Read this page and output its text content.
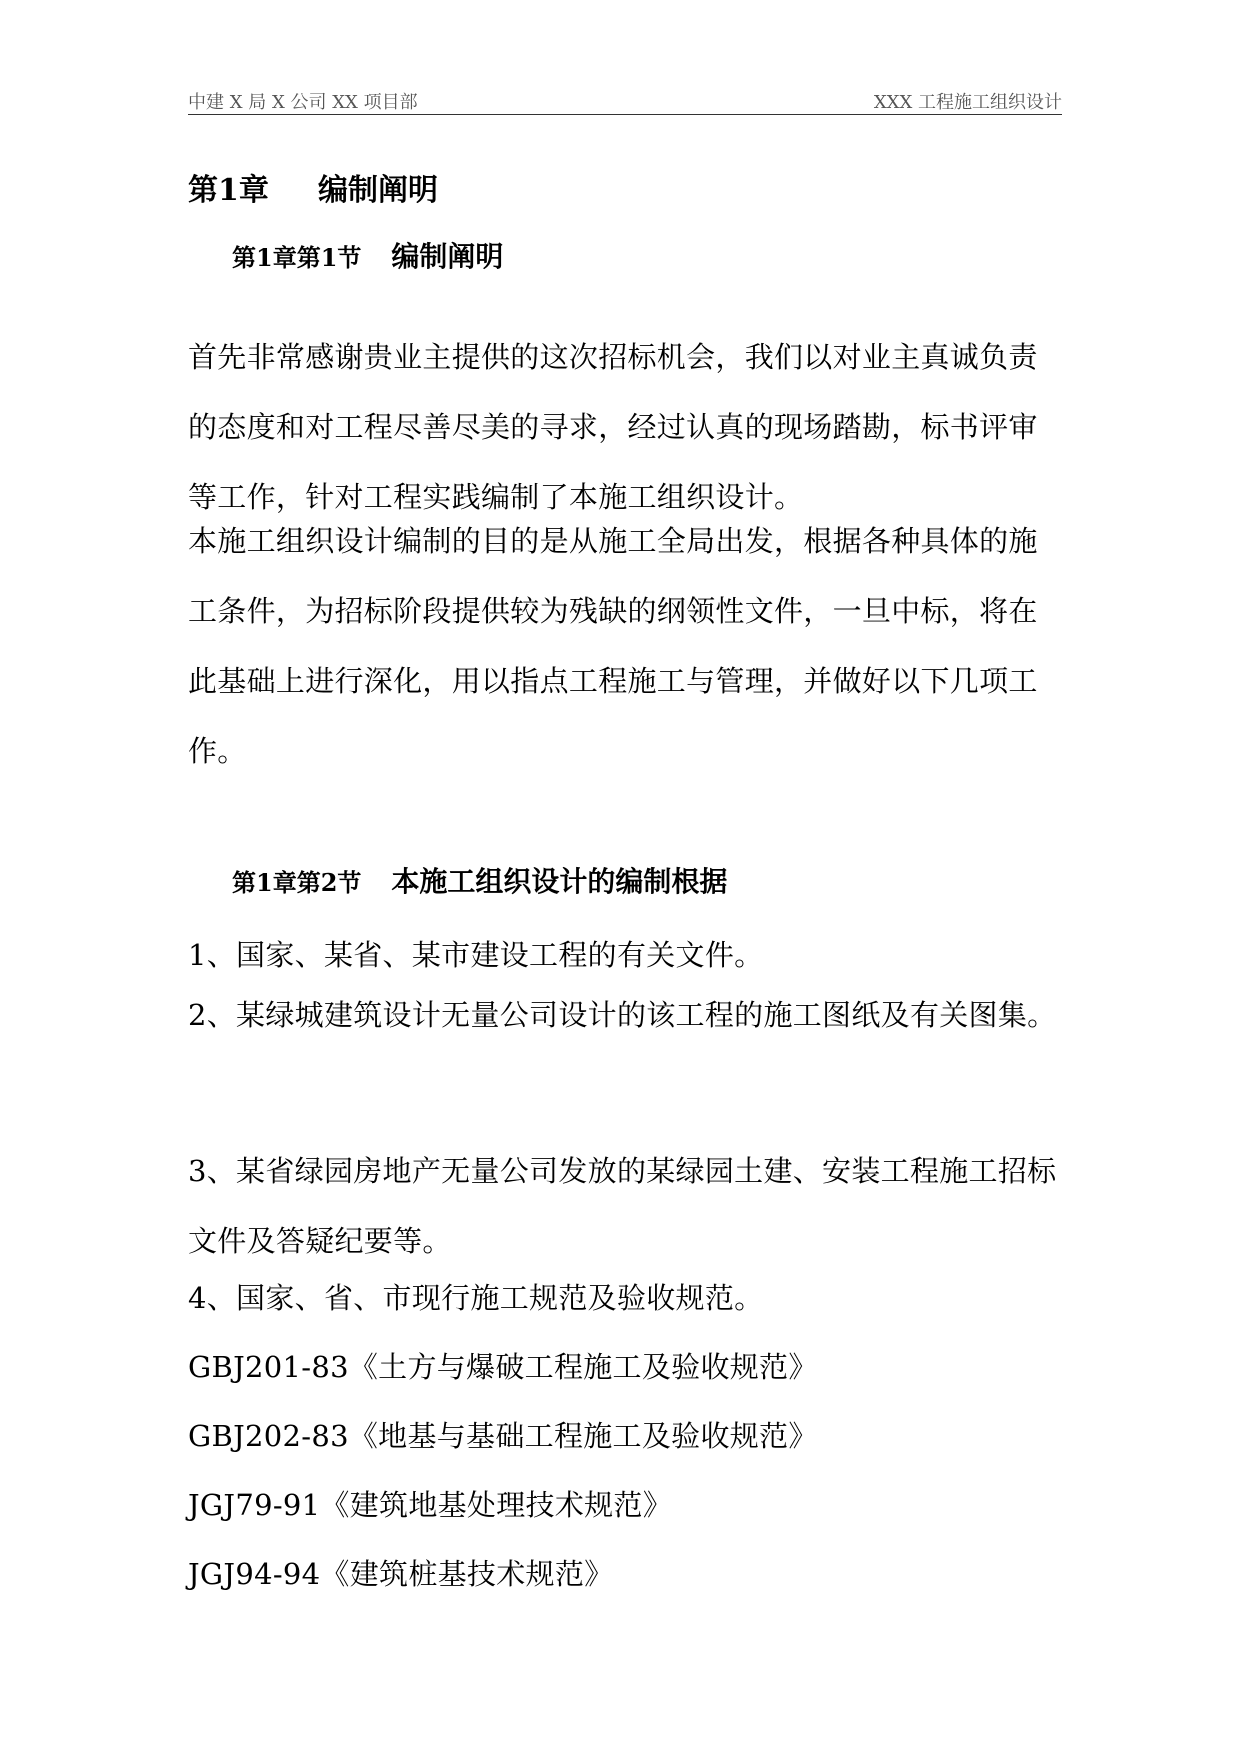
中建 X 局 X 公司 XX 项目部	XXX 工程施工组织设计
第1章 编制阐明
第1章第1节 编制阐明
首先非常感谢贵业主提供的这次招标机会，我们以对业主真诚负责的态度和对工程尽善尽美的寻求，经过认真的现场踏勘，标书评审等工作，针对工程实践编制了本施工组织设计。
本施工组织设计编制的目的是从施工全局出发，根据各种具体的施工条件，为招标阶段提供较为残缺的纲领性文件，一旦中标，将在此基础上进行深化，用以指点工程施工与管理，并做好以下几项工作。
第1章第2节 本施工组织设计的编制根据
1、国家、某省、某市建设工程的有关文件。
2、某绿城建筑设计无量公司设计的该工程的施工图纸及有关图集。
3、某省绿园房地产无量公司发放的某绿园土建、安装工程施工招标文件及答疑纪要等。
4、国家、省、市现行施工规范及验收规范。
GBJ201-83《土方与爆破工程施工及验收规范》
GBJ202-83《地基与基础工程施工及验收规范》
JGJ79-91《建筑地基处理技术规范》
JGJ94-94《建筑桩基技术规范》
